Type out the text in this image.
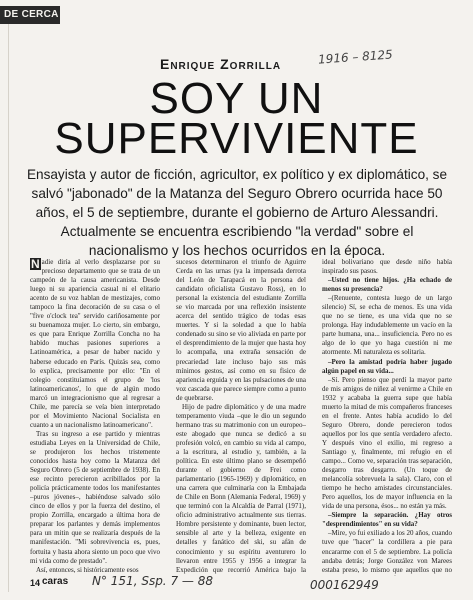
DE CERCA
Enrique Zorrilla	1916 – 8125
SOY UN
SUPERVIVIENTE
Ensayista y autor de ficción, agricultor, ex político y ex diplomático, se salvó "jabonado" de la Matanza del Seguro Obrero ocurrida hace 50 años, el 5 de septiembre, durante el gobierno de Arturo Alessandri. Actualmente se encuentra escribiendo "la verdad" sobre el nacionalismo y los hechos ocurridos en la época.

N adie diría al verlo desplazarse por su precioso departamento que se trata de un campeón de la causa americanista. Desde luego ni su apariencia casual ni el elitario acento de su voz hablan de mestizajes, como tampoco la fina decoración de su casa o el "five o'clock tea" servido cariñosamente por su buenamoza mujer. Lo cierto, sin embargo, es que para Enrique Zorrilla Concha no ha habido muchas pasiones superiores a Latinoamérica, a pesar de haber nacido y haberse educado en París. Quizás sea, como lo explica, precisamente por ello: "En el colegio constituíamos el grupo de 'los latinoamericanos', lo que de algún modo marcó un integracionismo que al regresar a Chile, me parecía se veía bien interpretado por el Movimiento Nacional Socialista en cuanto a un nacionalismo latinoamericano".

Tras su ingreso a ese partido y mientras estudiaba Leyes en la Universidad de Chile, se produjeron los hechos tristemente conocidos hasta hoy como la Matanza del Seguro Obrero (5 de septiembre de 1938). En ese recinto perecieron acribillados por la policía prácticamente todos los manifestantes –puros jóvenes–, habiéndose salvado sólo cinco de ellos y por la fuerza del destino, el propio Zorrilla, encargado a última hora de preparar los parlantes y demás implementos para un mitin que se realizaría después de la manifestación. "Mi sobrevivencia es, pues, fortuita y hasta ahora siento un poco que vivo mi vida como de prestado".

Así, entonces, si históricamente esos

sucesos determinaron el triunfo de Aguirre Cerda en las urnas (ya la impensada derrota del León de Tarapacá en la persona del candidato oficialista Gustavo Ross), en lo personal la existencia del estudiante Zorrilla se vio marcada por una reflexión insistente acerca del sentido trágico de todas esas muertes. Y si la soledad a que lo había condenado su sino se vio aliviada en parte por el desprendimiento de la mujer que hasta hoy lo acompaña, una extraña sensación de precariedad late incluso bajo sus más mínimos gestos, así como en su fisico de apariencia erguida y en las pulsaciones de una voz cascada que parece siempre como a punto de quebrarse.

Hijo de padre diplomático y de una madre temperamento viuda –que le dio un segundo hermano tras su matrimonio con un europeo– este abogado que nunca se dedicó a su profesión volcó, en cambio su vida al campo, a la escritura, al estudio y, también, a la política. En este último plano se desempeñó durante el gobierno de Frei como parlamentario (1965-1969) y diplomático, en una carrera que culminaría con la Embajada de Chile en Bonn (Alemania Federal, 1969) y que terminó con la Alcaldía de Parral (1971), oficio administrativo actualmente sus tierras. Hombre persistente y dominante, buen lector, sensible al arte y la belleza, exigente en detalles y fanático del ski, su afán de conocimiento y su espíritu aventurero lo llevaron entre 1955 y 1956 a integrar la Expedición que recorrió América bajo la

ideal bolivariano que desde niño había inspirado sus pasos.

–Usted no tiene hijos. ¿Ha echado de menos su presencia?

–(Renuente, contesta luego de un largo silencio) Sí, se echa de menos. Es una vida que no se tiene, es una vida que no se prolonga. Hay indudablemente un vacío en la parte humana, una... insuficiencia. Pero no es algo de lo que yo haga cuestión ni me atormente. Mi naturaleza es solitaria.

–Pero la amistad podría haber jugado algún papel en su vida...

–Sí. Pero pienso que perdí la mayor parte de mis amigos de niñez al venirme a Chile en 1932 y acababa la guerra supe que había muerto la mitad de mis compañeros franceses en el frente. Antes había acudido lo del Seguro Obrero, donde perecieron todos aquellos por los que sentía verdadero afecto. Y después vino el exilio, mi regreso a Santiago y, finalmente, mi refugio en el campo... Como ve, separación tras separación, desgarro tras desgarro. (Un toque de melancolía sobrevuela la sala). Claro, con el tiempo he hecho amistades circunstanciales. Pero aquellos, los de mayor influencia en la vida de una persona, ésos... no están ya más.

–Siempre la separación. ¿Hay otros "desprendimientos" en su vida?

–Mire, yo fui exiliado a los 20 años, cuando tuve que "hacer" la cordillera a pie para encararme con el 5 de septiembre. La policía andaba detrás; Jorge González von Marees estaba preso, lo mismo que aquellos que no

14 caras N° 151, Ssp. 7 — 88	000162949
